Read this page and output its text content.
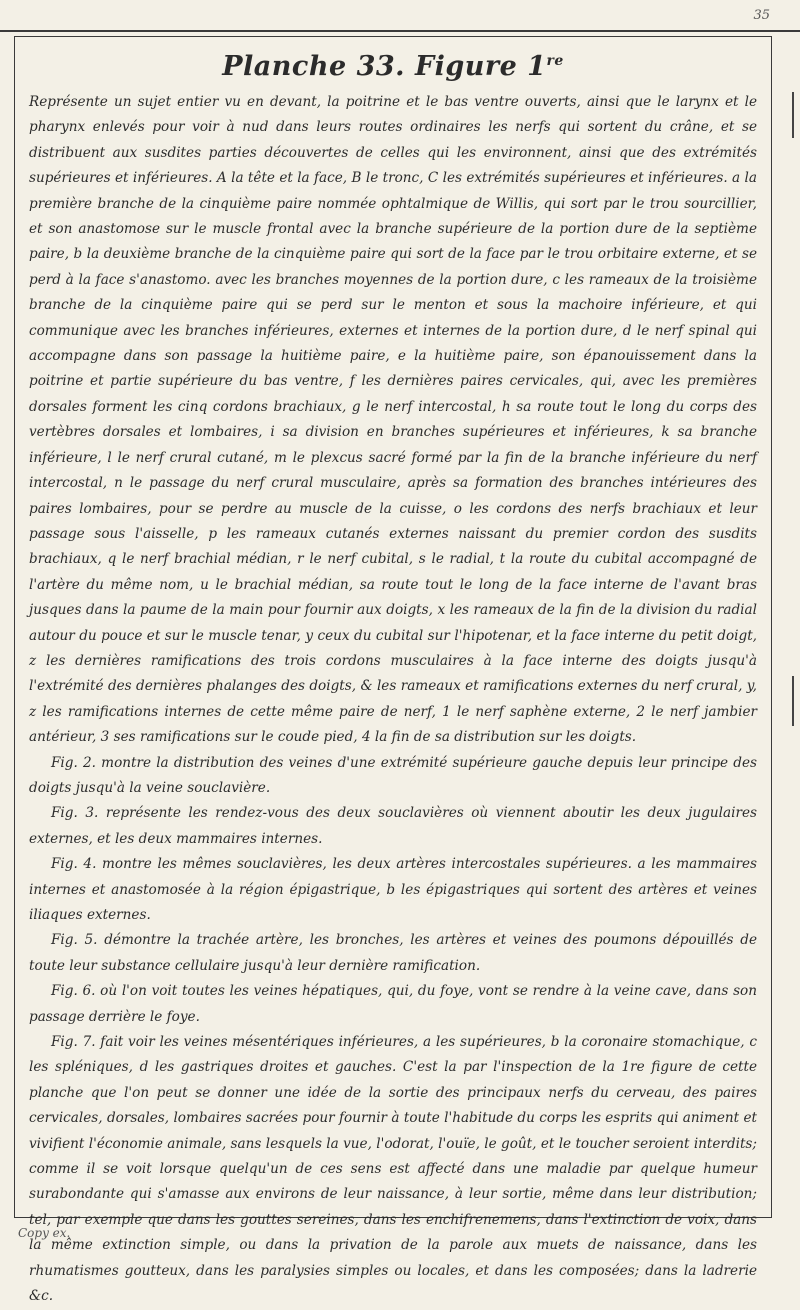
35
Planche 33. Figure 1re

Représente un sujet entier vu en devant, la poitrine et le bas ventre ouverts, ainsi que le larynx et le pharynx enlevés pour voir à nud dans leurs routes ordinaires les nerfs qui sortent du crâne, et se distribuent aux susdites parties découvertes de celles qui les environnent, ainsi que des extrémités supérieures et inférieures. A la tête et la face, B le tronc, C les extrémités supérieures et inférieures. a la première branche de la cinquième paire nommée ophtalmique de Willis, qui sort par le trou sourcillier, et son anastomose sur le muscle frontal avec la branche supérieure de la portion dure de la septième paire, b la deuxième branche de la cinquième paire qui sort de la face par le trou orbitaire externe, et se perd à la face s'anastomo. avec les branches moyennes de la portion dure, c les rameaux de la troisième branche de la cinquième paire qui se perd sur le menton et sous la machoire inférieure, et qui communique avec les branches inférieures, externes et internes de la portion dure, d le nerf spinal qui accompagne dans son passage la huitième paire, e la huitième paire, son épanouissement dans la poitrine et partie supérieure du bas ventre, f les dernières paires cervicales, qui, avec les premières dorsales forment les cinq cordons brachiaux, g le nerf intercostal, h sa route tout le long du corps des vertèbres dorsales et lombaires, i sa division en branches supérieures et inférieures, k sa branche inférieure, l le nerf crural cutané, m le plexcus sacré formé par la fin de la branche inférieure du nerf intercostal, n le passage du nerf crural musculaire, après sa formation des branches intérieures des paires lombaires, pour se perdre au muscle de la cuisse, o les cordons des nerfs brachiaux et leur passage sous l'aisselle, p les rameaux cutanés externes naissant du premier cordon des susdits brachiaux, q le nerf brachial médian, r le nerf cubital, s le radial, t la route du cubital accompagné de l'artère du même nom, u le brachial médian, sa route tout le long de la face interne de l'avant bras jusques dans la paume de la main pour fournir aux doigts, x les rameaux de la fin de la division du radial autour du pouce et sur le muscle tenar, y ceux du cubital sur l'hipotenar, et la face interne du petit doigt, z les dernières ramifications des trois cordons musculaires à la face interne des doigts jusqu'à l'extrémité des dernières phalanges des doigts, & les rameaux et ramifications externes du nerf crural, y, z les ramifications internes de cette même paire de nerf, 1 le nerf saphène externe, 2 le nerf jambier antérieur, 3 ses ramifications sur le coude pied, 4 la fin de sa distribution sur les doigts.

Fig. 2. montre la distribution des veines d'une extrémité supérieure gauche depuis leur principe des doigts jusqu'à la veine souclavière.

Fig. 3. représente les rendez-vous des deux souclavières où viennent aboutir les deux jugulaires externes, et les deux mammaires internes.

Fig. 4. montre les mêmes souclavières, les deux artères intercostales supérieures. a les mammaires internes et anastomosée à la région épigastrique, b les épigastriques qui sortent des artères et veines iliaques externes.

Fig. 5. démontre la trachée artère, les bronches, les artères et veines des poumons dépouillés de toute leur substance cellulaire jusqu'à leur dernière ramification.

Fig. 6. où l'on voit toutes les veines hépatiques, qui, du foye, vont se rendre à la veine cave, dans son passage derrière le foye.

Fig. 7. fait voir les veines mésentériques inférieures, a les supérieures, b la coronaire stomachique, c les spléniques, d les gastriques droites et gauches. C'est la par l'inspection de la 1re figure de cette planche que l'on peut se donner une idée de la sortie des principaux nerfs du cerveau, des paires cervicales, dorsales, lombaires sacrées pour fournir à toute l'habitude du corps les esprits qui animent et vivifient l'économie animale, sans lesquels la vue, l'odorat, l'ouïe, le goût, et le toucher seroient interdits; comme il se voit lorsque quelqu'un de ces sens est affecté dans une maladie par quelque humeur surabondante qui s'amasse aux environs de leur naissance, à leur sortie, même dans leur distribution; tel, par exemple que dans les gouttes sereines, dans les enchifrenemens, dans l'extinction de voix, dans la même extinction simple, ou dans la privation de la parole aux muets de naissance, dans les rhumatismes goutteux, dans les paralysies simples ou locales, et dans les composées; dans la ladrerie &c.

Copy ex.
